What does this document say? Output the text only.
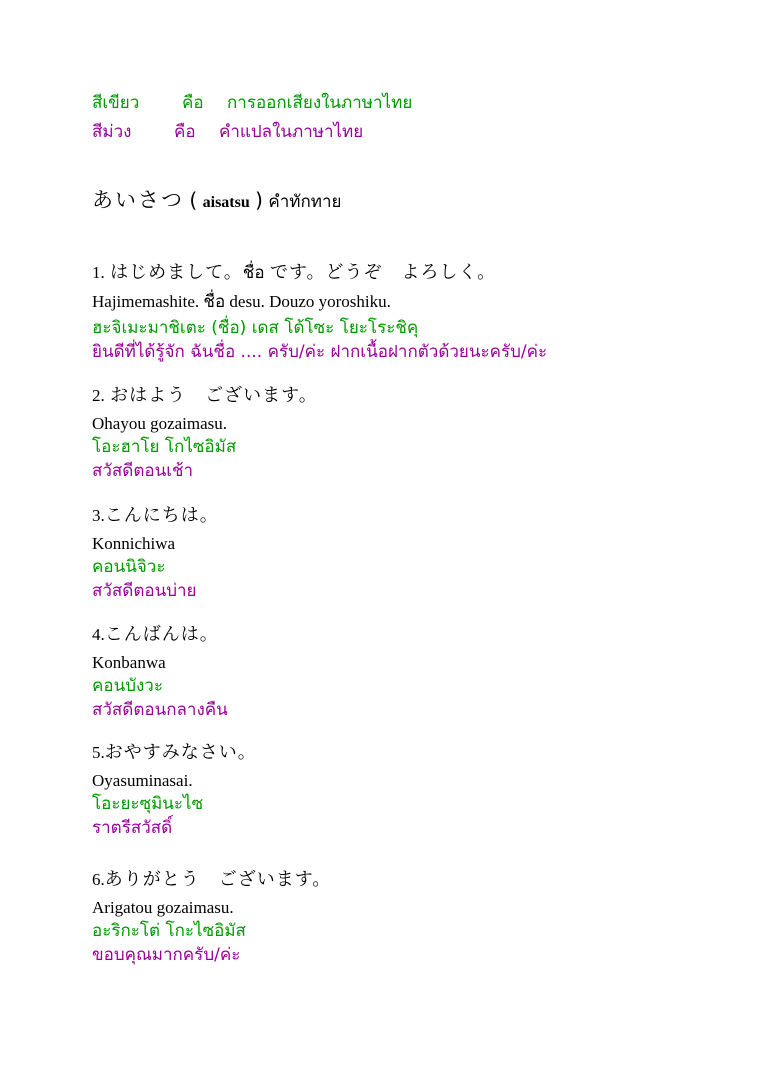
สีเขียว	คือ การออกเสียงในภาษาไทย
สีม่วง	คือ คำแปลในภาษาไทย
あいさつ ( aisatsu ) คำทักทาย
1. はじめまして。ชื่อ です。どうぞ　よろしく。
Hajimemashite. ชื่อ desu. Douzo yoroshiku.
ฮะจิเมะมาชิเตะ (ชื่อ) เดส โด้โซะ โยะโระชิคุ
ยินดีที่ได้รู้จัก ฉันชื่อ .... ครับ/ค่ะ ฝากเนื้อฝากตัวด้วยนะครับ/ค่ะ
2. おはよう　ございます。
Ohayou gozaimasu.
โอะฮาโย โกไซอิมัส
สวัสดีตอนเช้า
3.こんにちは。
Konnichiwa
คอนนิจิวะ
สวัสดีตอนบ่าย
4.こんばんは。
Konbanwa
คอนบังวะ
สวัสดีตอนกลางคืน
5.おやすみなさい。
Oyasuminasai.
โอะยะซุมินะไซ
ราตรีสวัสดิ์
6.ありがとう　ございます。
Arigatou gozaimasu.
อะริกะโต่ โกะไซอิมัส
ขอบคุณมากครับ/ค่ะ
